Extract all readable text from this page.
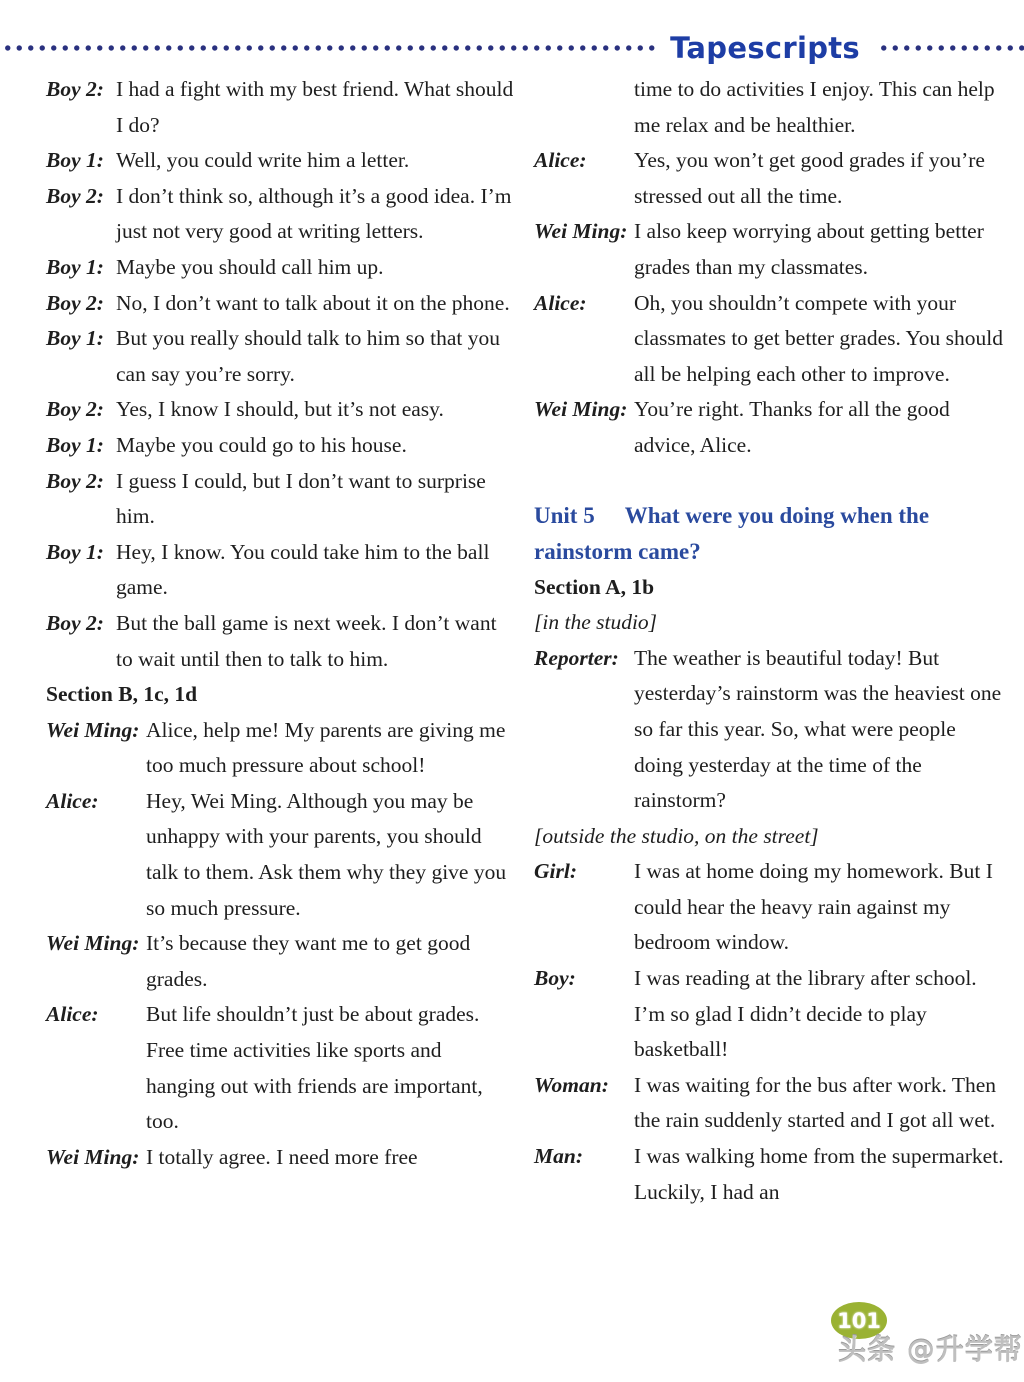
Tapescripts
Boy 2: I had a fight with my best friend. What should I do?
Boy 1: Well, you could write him a letter.
Boy 2: I don’t think so, although it’s a good idea. I’m just not very good at writing letters.
Boy 1: Maybe you should call him up.
Boy 2: No, I don’t want to talk about it on the phone.
Boy 1: But you really should talk to him so that you can say you’re sorry.
Boy 2: Yes, I know I should, but it’s not easy.
Boy 1: Maybe you could go to his house.
Boy 2: I guess I could, but I don’t want to surprise him.
Boy 1: Hey, I know. You could take him to the ball game.
Boy 2: But the ball game is next week. I don’t want to wait until then to talk to him.
Section B, 1c, 1d
Wei Ming: Alice, help me! My parents are giving me too much pressure about school!
Alice:	Hey, Wei Ming. Although you may be unhappy with your parents, you should talk to them. Ask them why they give you so much pressure.
Wei Ming: It’s because they want me to get good grades.
Alice:	But life shouldn’t just be about grades. Free time activities like sports and hanging out with friends are important, too.
Wei Ming: I totally agree. I need more free
time to do activities I enjoy. This can help me relax and be healthier.
Alice:	Yes, you won’t get good grades if you’re stressed out all the time.
Wei Ming: I also keep worrying about getting better grades than my classmates.
Alice:	Oh, you shouldn’t compete with your classmates to get better grades. You should all be helping each other to improve.
Wei Ming: You’re right. Thanks for all the good advice, Alice.
Unit 5 What were you doing when the rainstorm came?
Section A, 1b
[in the studio]
Reporter: The weather is beautiful today! But yesterday’s rainstorm was the heaviest one so far this year. So, what were people doing yesterday at the time of the rainstorm?
[outside the studio, on the street]
Girl:	I was at home doing my homework. But I could hear the heavy rain against my bedroom window.
Boy:	I was reading at the library after school. I’m so glad I didn’t decide to play basketball!
Woman:	I was waiting for the bus after work. Then the rain suddenly started and I got all wet.
Man:	I was walking home from the supermarket. Luckily, I had an
101
头条 @升学帮
